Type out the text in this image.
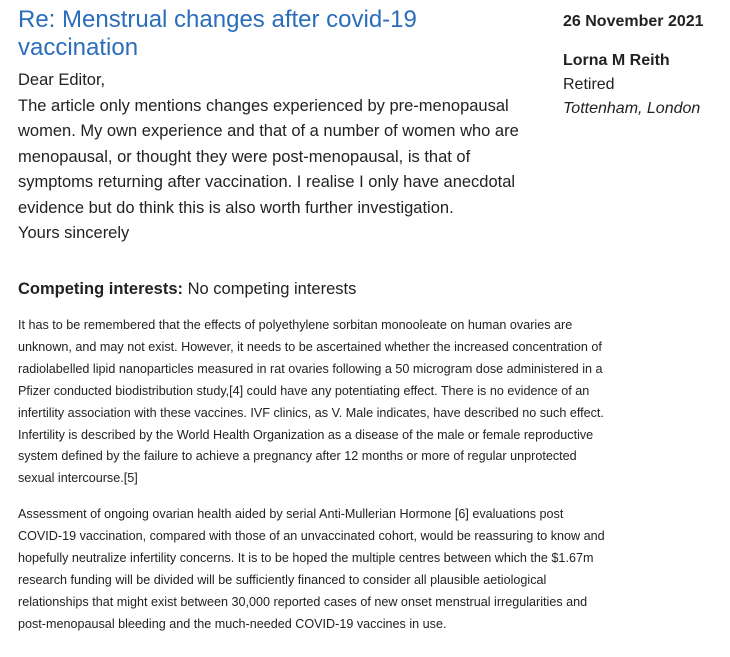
Re: Menstrual changes after covid-19
vaccination

Dear Editor,

The article only mentions changes experienced by pre-menopausal

women. My own experience and that of a number of women who are

menopausal, or thought they were post-menopausal, is that of

symptoms returning after vaccination. I realise I only have anecdotal

evidence but do think this is also worth further investigation.

Yours sincerely

26 November 2021
Lorna M Reith
Retired
Tottenham, London
Competing interests: No competing interests

It has to be remembered that the effects of polyethylene sorbitan monooleate on human ovaries are
unknown, and may not exist. However, it needs to be ascertained whether the increased concentration of
radiolabelled lipid nanoparticles measured in rat ovaries following a 50 microgram dose administered in a
Pfizer conducted biodistribution study,[4] could have any potentiating effect. There is no evidence of an
infertility association with these vaccines. IVF clinics, as V. Male indicates, have described no such effect.
Infertility is described by the World Health Organization as a disease of the male or female reproductive
system defined by the failure to achieve a pregnancy after 12 months or more of regular unprotected
sexual intercourse.[5]

Assessment of ongoing ovarian health aided by serial Anti-Mullerian Hormone [6] evaluations post
COVID-19 vaccination, compared with those of an unvaccinated cohort, would be reassuring to know and
hopefully neutralize infertility concerns. It is to be hoped the multiple centres between which the $1.67m
research funding will be divided will be sufficiently financed to consider all plausible aetiological
relationships that might exist between 30,000 reported cases of new onset menstrual irregularities and
post-menopausal bleeding and the much-needed COVID-19 vaccines in use.
